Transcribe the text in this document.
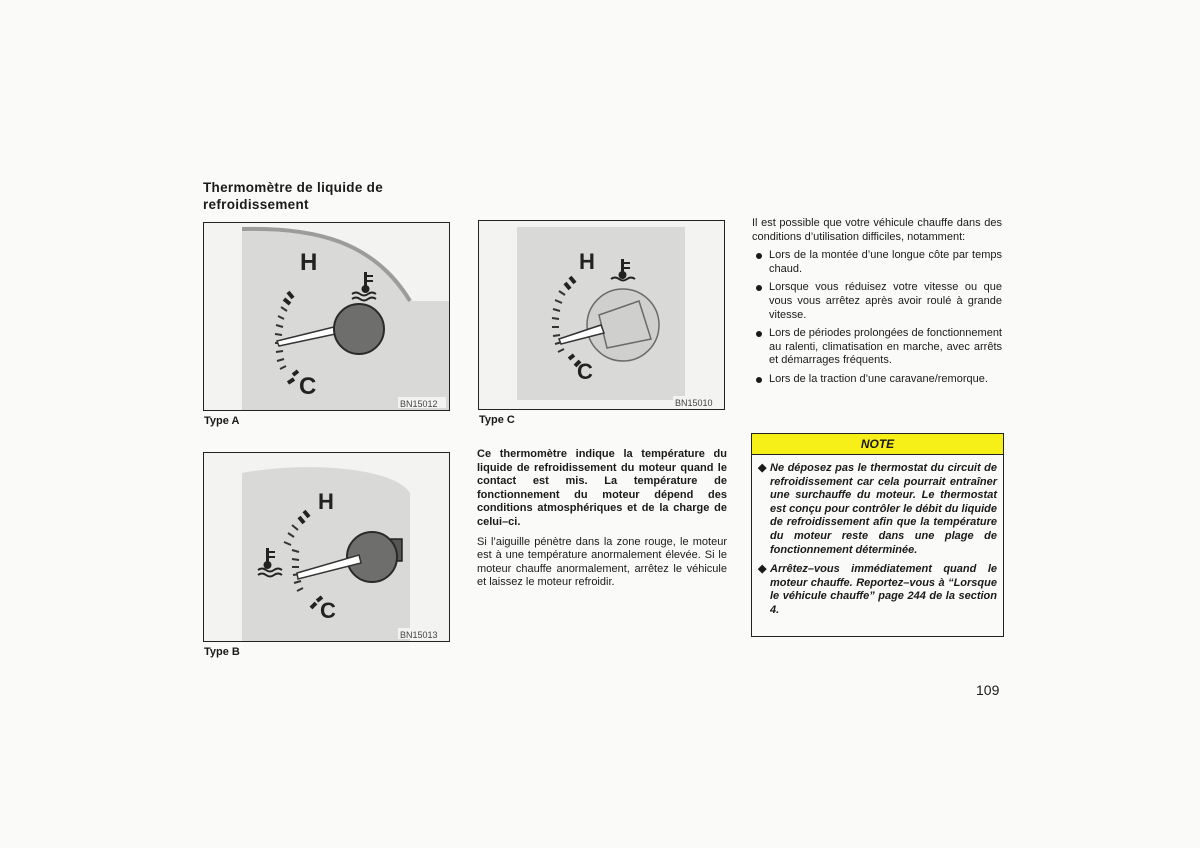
Thermomètre de liquide de refroidissement
H
C
BN15012
Type A
H
C
BN15013
Type B
H
C
BN15010
Type C

Ce thermomètre indique la température du liquide de refroidissement du moteur quand le contact est mis. La température de fonctionnement du moteur dépend des conditions atmosphériques et de la charge de celui–ci.

Si l’aiguille pénètre dans la zone rouge, le moteur est à une température anormalement élevée. Si le moteur chauffe anormalement, arrêtez le véhicule et laissez le moteur refroidir.

Il est possible que votre véhicule chauffe dans des conditions d’utilisation difficiles, notamment:

Lors de la montée d’une longue côte par temps chaud.
Lorsque vous réduisez votre vitesse ou que vous vous arrêtez après avoir roulé à grande vitesse.
Lors de périodes prolongées de fonctionnement au ralenti, climatisation en marche, avec arrêts et démarrages fréquents.
Lors de la traction d’une caravane/remorque.
NOTE
◆ Ne déposez pas le thermostat du circuit de refroidissement car cela pourrait entraîner une surchauffe du moteur. Le thermostat est conçu pour contrôler le débit du liquide de refroidissement afin que la température du moteur reste dans une plage de fonctionnement déterminée.
◆ Arrêtez–vous immédiatement quand le moteur chauffe. Reportez–vous à “Lorsque le véhicule chauffe” page 244 de la section 4.
109
